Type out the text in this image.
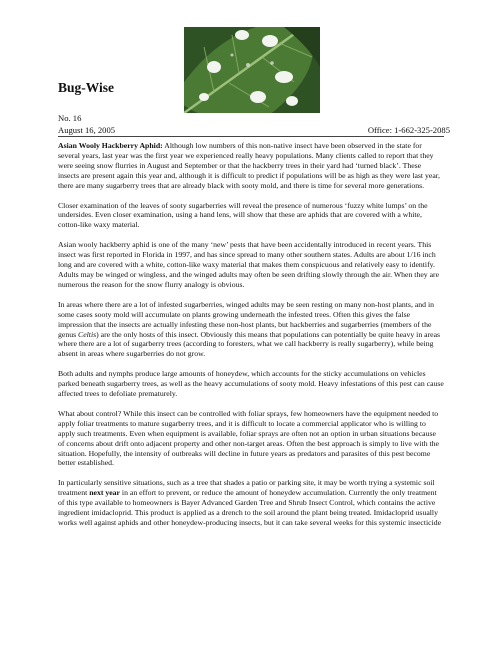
Bug-Wise
No. 16
August 16, 2005	Office: 1-662-325-2085

Asian Wooly Hackberry Aphid: Although low numbers of this non-native insect have been observed in the state for several years, last year was the first year we experienced really heavy populations. Many clients called to report that they were seeing snow flurries in August and September or that the hackberry trees in their yard had ‘turned black’. These insects are present again this year and, although it is difficult to predict if populations will be as high as they were last year, there are many sugarberry trees that are already black with sooty mold, and there is time for several more generations.

Closer examination of the leaves of sooty sugarberries will reveal the presence of numerous ‘fuzzy white lumps’ on the undersides. Even closer examination, using a hand lens, will show that these are aphids that are covered with a white, cotton-like waxy material.

Asian wooly hackberry aphid is one of the many ‘new’ pests that have been accidentally introduced in recent years. This insect was first reported in Florida in 1997, and has since spread to many other southern states. Adults are about 1/16 inch long and are covered with a white, cotton-like waxy material that makes them conspicuous and relatively easy to identify. Adults may be winged or wingless, and the winged adults may often be seen drifting slowly through the air. When they are numerous the reason for the snow flurry analogy is obvious.

In areas where there are a lot of infested sugarberries, winged adults may be seen resting on many non-host plants, and in some cases sooty mold will accumulate on plants growing underneath the infested trees. Often this gives the false impression that the insects are actually infesting these non-host plants, but hackberries and sugarberries (members of the genus Celtis) are the only hosts of this insect. Obviously this means that populations can potentially be quite heavy in areas where there are a lot of sugarberry trees (according to foresters, what we call hackberry is really sugarberry), while being absent in areas where sugarberries do not grow.

Both adults and nymphs produce large amounts of honeydew, which accounts for the sticky accumulations on vehicles parked beneath sugarberry trees, as well as the heavy accumulations of sooty mold. Heavy infestations of this pest can cause affected trees to defoliate prematurely.

What about control? While this insect can be controlled with foliar sprays, few homeowners have the equipment needed to apply foliar treatments to mature sugarberry trees, and it is difficult to locate a commercial applicator who is willing to apply such treatments. Even when equipment is available, foliar sprays are often not an option in urban situations because of concerns about drift onto adjacent property and other non-target areas. Often the best approach is simply to live with the situation. Hopefully, the intensity of outbreaks will decline in future years as predators and parasites of this pest become better established.

In particularly sensitive situations, such as a tree that shades a patio or parking site, it may be worth trying a systemic soil treatment next year in an effort to prevent, or reduce the amount of honeydew accumulation. Currently the only treatment of this type available to homeowners is Bayer Advanced Garden Tree and Shrub Insect Control, which contains the active ingredient imidacloprid. This product is applied as a drench to the soil around the plant being treated. Imidacloprid usually works well against aphids and other honeydew-producing insects, but it can take several weeks for this systemic insecticide
